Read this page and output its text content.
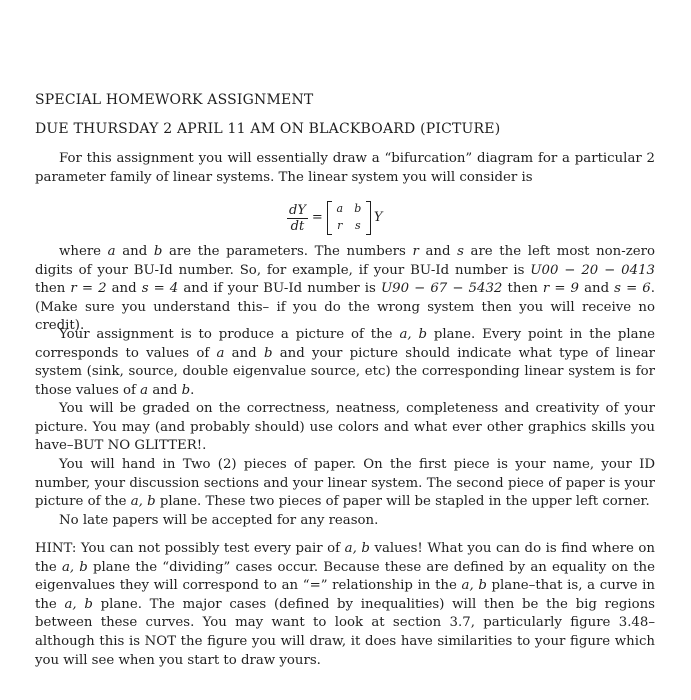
SPECIAL HOMEWORK ASSIGNMENT
DUE THURSDAY 2 APRIL 11 AM ON BLACKBOARD (PICTURE)

For this assignment you will essentially draw a “bifurcation” diagram for a particular 2 parameter family of linear systems. The linear system you will consider is

$\frac{dY}{dt}$ =
a b
r s
Y

where a and b are the parameters. The numbers r and s are the left most non-zero digits of your BU-Id number. So, for example, if your BU-Id number is U00 − 20 − 0413 then r = 2 and s = 4 and if your BU-Id number is U90 − 67 − 5432 then r = 9 and s = 6. (Make sure you understand this– if you do the wrong system then you will receive no credit).

Your assignment is to produce a picture of the a, b plane. Every point in the plane corresponds to values of a and b and your picture should indicate what type of linear system (sink, source, double eigenvalue source, etc) the corresponding linear system is for those values of a and b.

You will be graded on the correctness, neatness, completeness and creativity of your picture. You may (and probably should) use colors and what ever other graphics skills you have–BUT NO GLITTER!.

You will hand in Two (2) pieces of paper. On the first piece is your name, your ID number, your discussion sections and your linear system. The second piece of paper is your picture of the a, b plane. These two pieces of paper will be stapled in the upper left corner.
No late papers will be accepted for any reason.

HINT: You can not possibly test every pair of a, b values! What you can do is find where on the a, b plane the “dividing” cases occur. Because these are defined by an equality on the eigenvalues they will correspond to an “=” relationship in the a, b plane–that is, a curve in the a, b plane. The major cases (defined by inequalities) will then be the big regions between these curves. You may want to look at section 3.7, particularly figure 3.48–although this is NOT the figure you will draw, it does have similarities to your figure which you will see when you start to draw yours.
